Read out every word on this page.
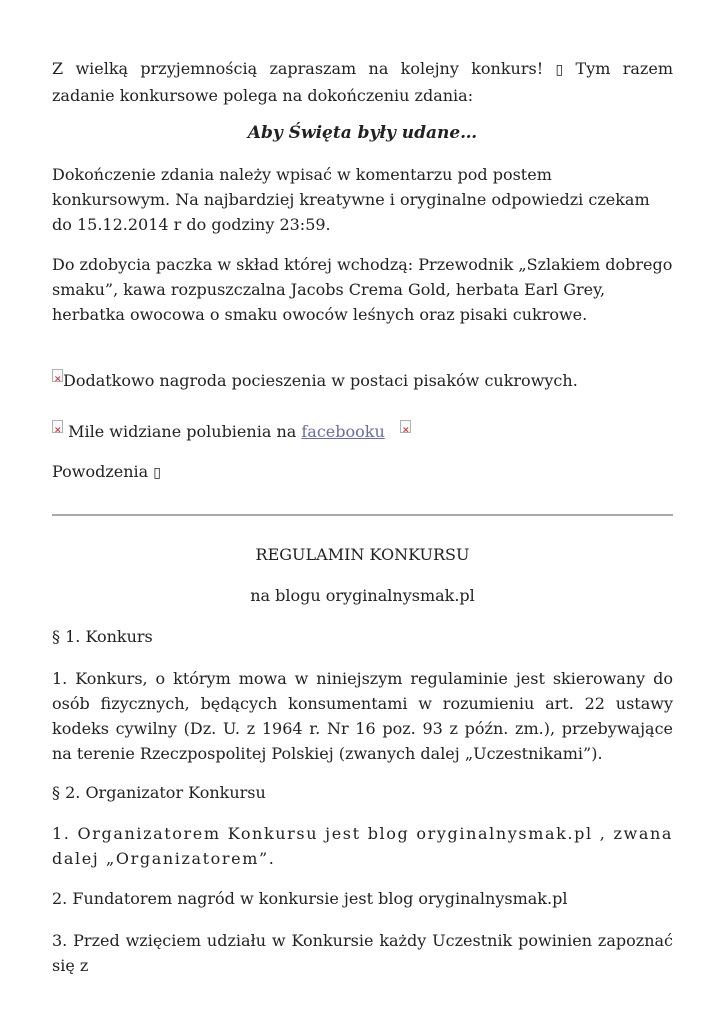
Z wielką przyjemnością zapraszam na kolejny konkurs! ▯ Tym razem zadanie konkursowe polega na dokończeniu zdania:

Aby Święta były udane…

Dokończenie zdania należy wpisać w komentarzu pod postem konkursowym. Na najbardziej kreatywne i oryginalne odpowiedzi czekam do 15.12.2014 r do godziny 23:59.

Do zdobycia paczka w skład której wchodzą: Przewodnik „Szlakiem dobrego smaku”, kawa rozpuszczalna Jacobs Crema Gold, herbata Earl Grey, herbatka owocowa o smaku owoców leśnych oraz pisaki cukrowe.

✕Dodatkowo nagroda pocieszenia w postaci pisaków cukrowych.

✕ Mile widziane polubienia na facebooku   ✕

Powodzenia ▯

REGULAMIN KONKURSU

na blogu oryginalnysmak.pl

§ 1. Konkurs

1. Konkurs, o którym mowa w niniejszym regulaminie jest skierowany do osób fizycznych, będących konsumentami w rozumieniu art. 22 ustawy kodeks cywilny (Dz. U. z 1964 r. Nr 16 poz. 93 z późn. zm.), przebywające na terenie Rzeczpospolitej Polskiej (zwanych dalej „Uczestnikami”).

§ 2. Organizator Konkursu

1. Organizatorem Konkursu jest blog oryginalnysmak.pl , zwana dalej „Organizatorem”.

2. Fundatorem nagród w konkursie jest blog oryginalnysmak.pl

3. Przed wzięciem udziału w Konkursie każdy Uczestnik powinien zapoznać się z
